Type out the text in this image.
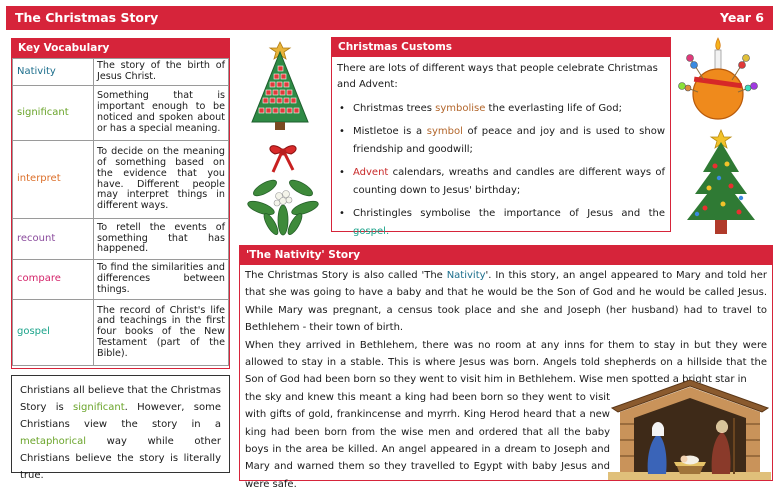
The Christmas Story	Year 6
Key Vocabulary
Nativity	The story of the birth of Jesus Christ.
significant	Something that is important enough to be noticed and spoken about or has a special meaning.
interpret	To decide on the meaning of something based on the evidence that you have. Different people may interpret things in different ways.
recount	To retell the events of something that has happened.
compare	To find the similarities and differences between things.
gospel	The record of Christ's life and teachings in the first four books of the New Testament (part of the Bible).
Christians all believe that the Christmas Story is significant. However, some Christians view the story in a metaphorical way while other Christians believe the story is literally true.
Christmas Customs
There are lots of different ways that people celebrate Christmas and Advent:
• Christmas trees symbolise the everlasting life of God;
• Mistletoe is a symbol of peace and joy and is used to show friendship and goodwill;
• Advent calendars, wreaths and candles are different ways of counting down to Jesus' birthday;
• Christingles symbolise the importance of Jesus and the gospel.
'The Nativity' Story

The Christmas Story is also called 'The Nativity'. In this story, an angel appeared to Mary and told her that she was going to have a baby and that he would be the Son of God and he would be called Jesus. While Mary was pregnant, a census took place and she and Joseph (her husband) had to travel to Bethlehem - their town of birth.

When they arrived in Bethlehem, there was no room at any inns for them to stay in but they were allowed to stay in a stable. This is where Jesus was born. Angels told shepherds on a hillside that the Son of God had been born so they went to visit him in Bethlehem. Wise men spotted a bright star in

the sky and knew this meant a king had been born so they went to visit with gifts of gold, frankincense and myrrh. King Herod heard that a new king had been born from the wise men and ordered that all the baby boys in the area be killed. An angel appeared in a dream to Joseph and Mary and warned them so they travelled to Egypt with baby Jesus and were safe.
